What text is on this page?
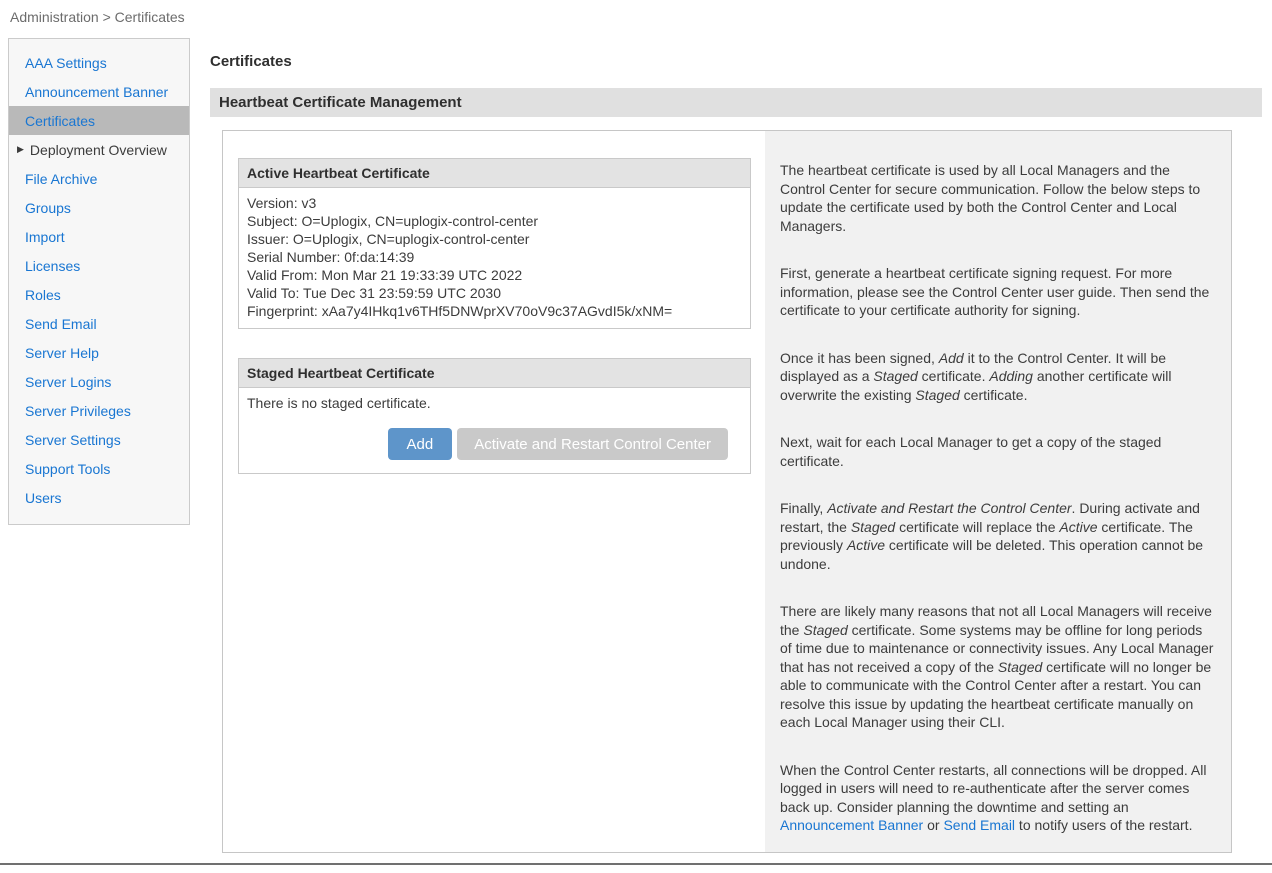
Administration > Certificates
AAA Settings
Announcement Banner
Certificates
▶ Deployment Overview
File Archive
Groups
Import
Licenses
Roles
Send Email
Server Help
Server Logins
Server Privileges
Server Settings
Support Tools
Users
Certificates
Heartbeat Certificate Management
Active Heartbeat Certificate
Version: v3
Subject: O=Uplogix, CN=uplogix-control-center
Issuer: O=Uplogix, CN=uplogix-control-center
Serial Number: 0f:da:14:39
Valid From: Mon Mar 21 19:33:39 UTC 2022
Valid To: Tue Dec 31 23:59:59 UTC 2030
Fingerprint: xAa7y4IHkq1v6THf5DNWprXV70oV9c37AGvdI5k/xNM=
Staged Heartbeat Certificate
There is no staged certificate.
Add	Activate and Restart Control Center

The heartbeat certificate is used by all Local Managers and the Control Center for secure communication. Follow the below steps to update the certificate used by both the Control Center and Local Managers.

First, generate a heartbeat certificate signing request. For more information, please see the Control Center user guide. Then send the certificate to your certificate authority for signing.

Once it has been signed, Add it to the Control Center. It will be displayed as a Staged certificate. Adding another certificate will overwrite the existing Staged certificate.

Next, wait for each Local Manager to get a copy of the staged certificate.

Finally, Activate and Restart the Control Center. During activate and restart, the Staged certificate will replace the Active certificate. The previously Active certificate will be deleted. This operation cannot be undone.

There are likely many reasons that not all Local Managers will receive the Staged certificate. Some systems may be offline for long periods of time due to maintenance or connectivity issues. Any Local Manager that has not received a copy of the Staged certificate will no longer be able to communicate with the Control Center after a restart. You can resolve this issue by updating the heartbeat certificate manually on each Local Manager using their CLI.

When the Control Center restarts, all connections will be dropped. All logged in users will need to re-authenticate after the server comes back up. Consider planning the downtime and setting an Announcement Banner or Send Email to notify users of the restart.
